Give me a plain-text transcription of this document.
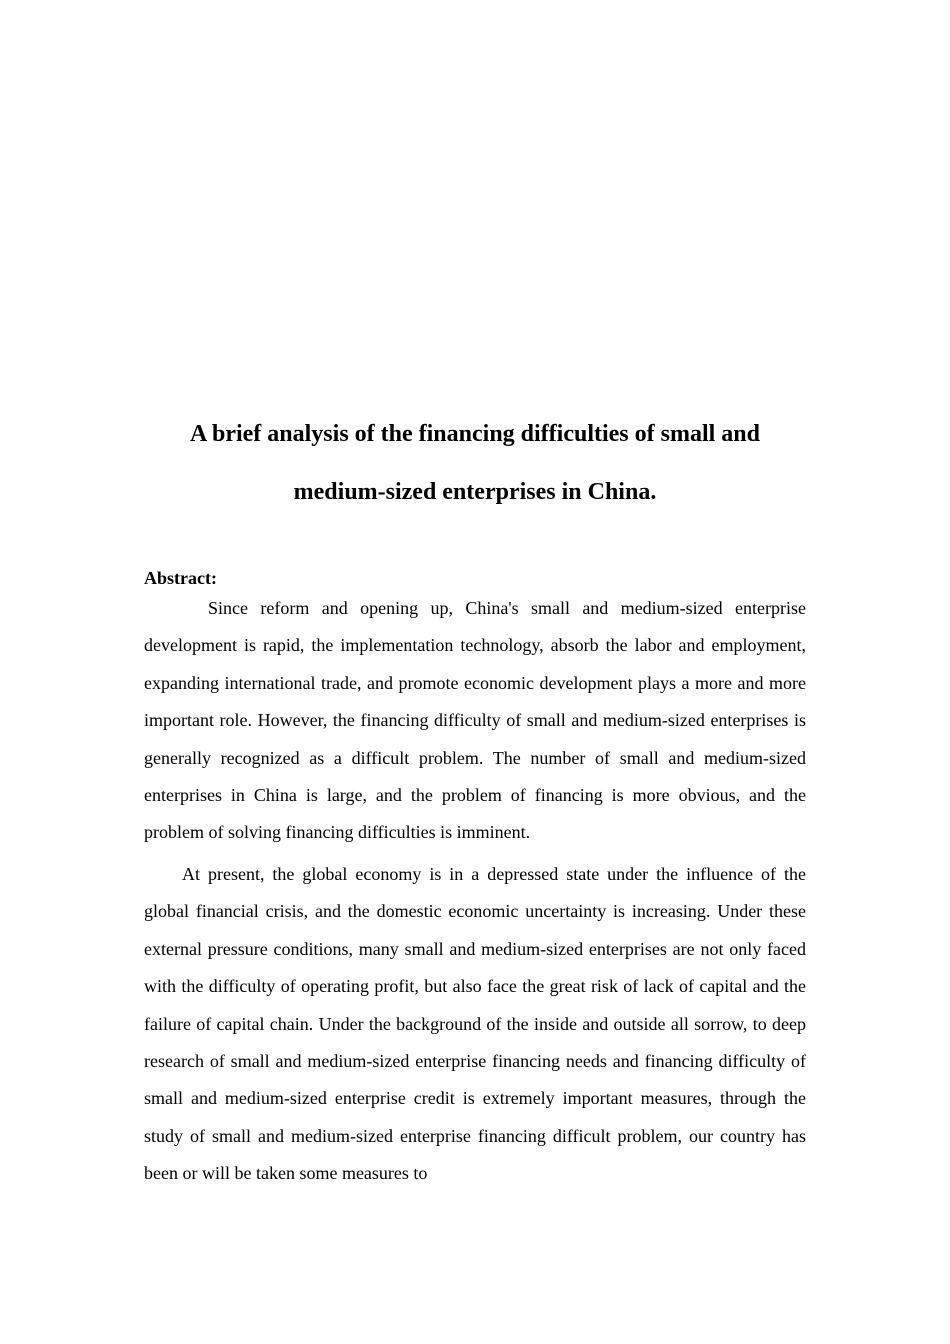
A brief analysis of the financing difficulties of small and

medium-sized enterprises in China.

Abstract:

Since reform and opening up, China's small and medium-sized enterprise development is rapid, the implementation technology, absorb the labor and employment, expanding international trade, and promote economic development plays a more and more important role. However, the financing difficulty of small and medium-sized enterprises is generally recognized as a difficult problem. The number of small and medium-sized enterprises in China is large, and the problem of financing is more obvious, and the problem of solving financing difficulties is imminent.

At present, the global economy is in a depressed state under the influence of the global financial crisis, and the domestic economic uncertainty is increasing. Under these external pressure conditions, many small and medium-sized enterprises are not only faced with the difficulty of operating profit, but also face the great risk of lack of capital and the failure of capital chain. Under the background of the inside and outside all sorrow, to deep research of small and medium-sized enterprise financing needs and financing difficulty of small and medium-sized enterprise credit is extremely important measures, through the study of small and medium-sized enterprise financing difficult problem, our country has been or will be taken some measures to
